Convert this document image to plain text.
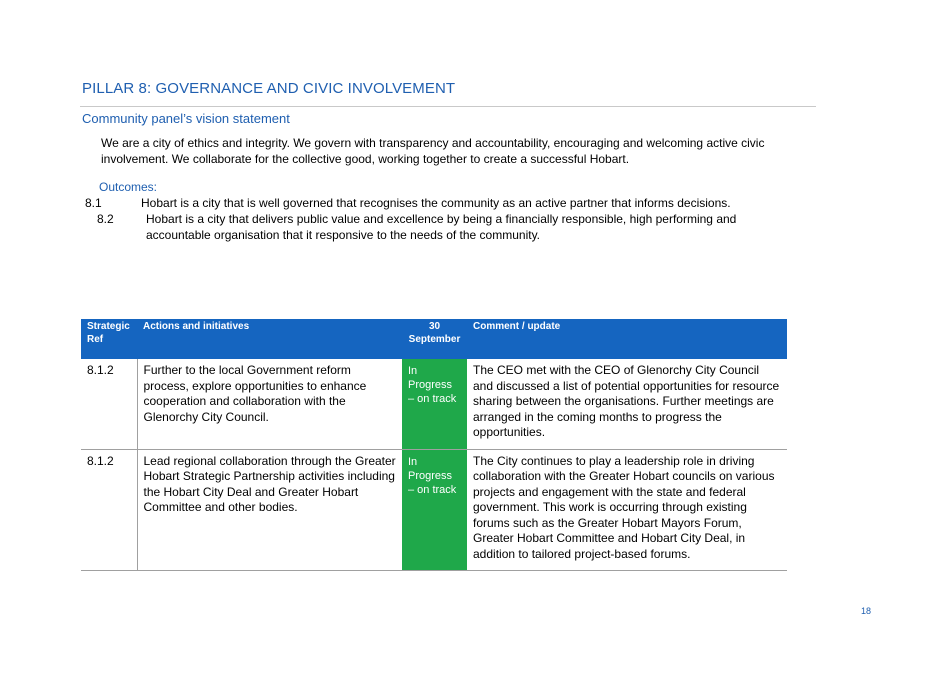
PILLAR 8: GOVERNANCE AND CIVIC INVOLVEMENT
Community panel’s vision statement
We are a city of ethics and integrity. We govern with transparency and accountability, encouraging and welcoming active civic involvement. We collaborate for the collective good, working together to create a successful Hobart.
Outcomes:
8.1	Hobart is a city that is well governed that recognises the community as an active partner that informs decisions.
8.2	Hobart is a city that delivers public value and excellence by being a financially responsible, high performing and accountable organisation that it responsive to the needs of the community.
Strategic Ref	Actions and initiatives	30 September	Comment / update
8.1.2	Further to the local Government reform process, explore opportunities to enhance cooperation and collaboration with the Glenorchy City Council.	In Progress – on track	The CEO met with the CEO of Glenorchy City Council and discussed a list of potential opportunities for resource sharing between the organisations. Further meetings are arranged in the coming months to progress the opportunities.
8.1.2	Lead regional collaboration through the Greater Hobart Strategic Partnership activities including the Hobart City Deal and Greater Hobart Committee and other bodies.	In Progress – on track	The City continues to play a leadership role in driving collaboration with the Greater Hobart councils on various projects and engagement with the state and federal government. This work is occurring through existing forums such as the Greater Hobart Mayors Forum, Greater Hobart Committee and Hobart City Deal, in addition to tailored project-based forums.
18
